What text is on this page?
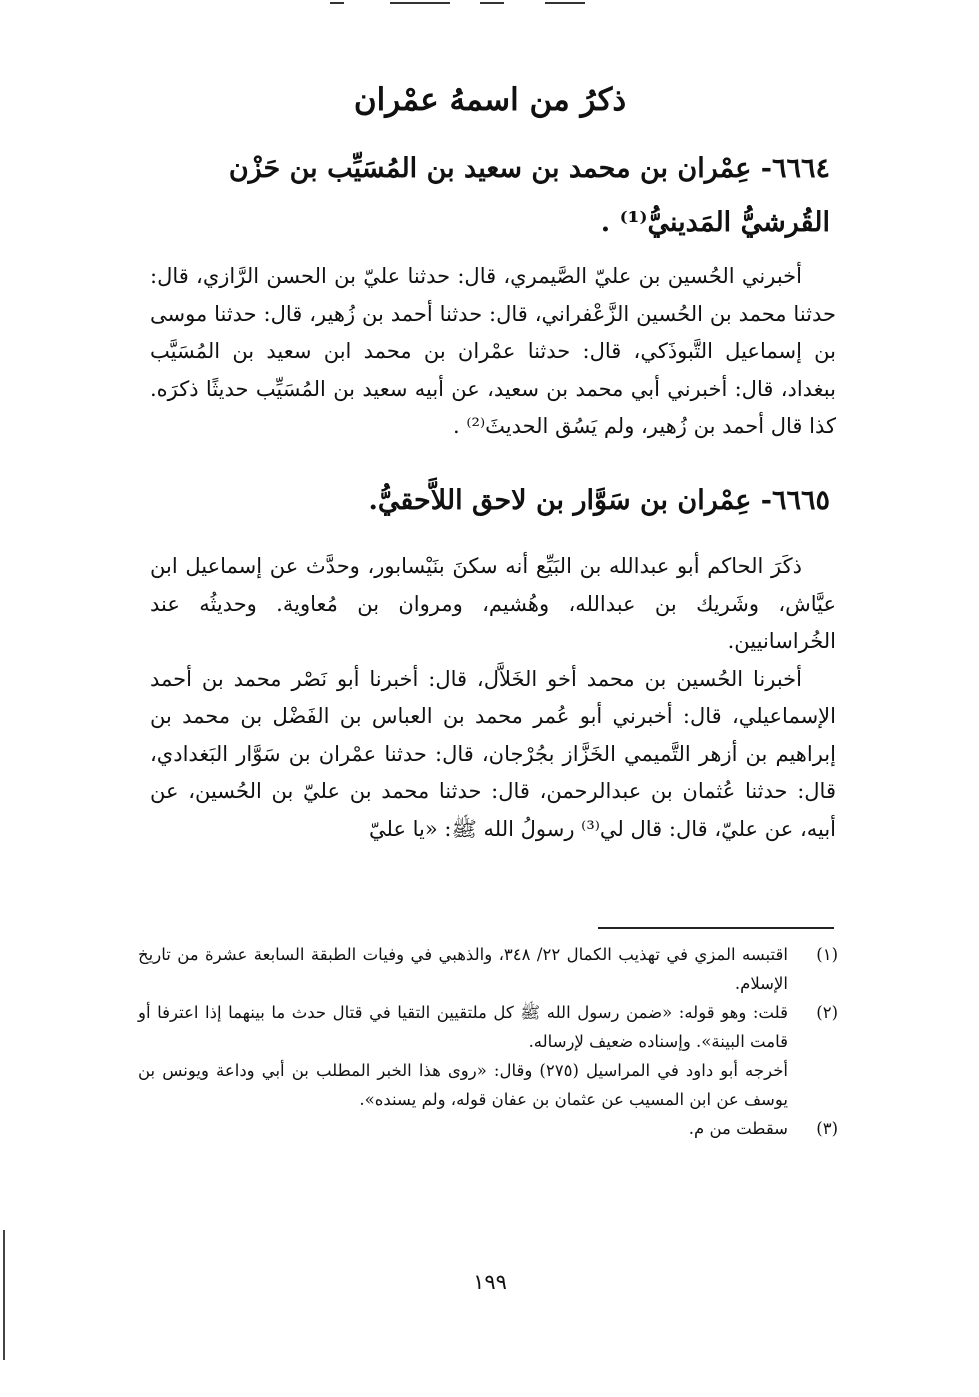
ذكرُ من اسمهُ عمْران
٦٦٦٤- عِمْران بن محمد بن سعيد بن المُسَيِّب بن حَزْن القُرشيُّ المَدينيُّ⁽¹⁾ .

أخبرني الحُسين بن عليّ الصَّيمري، قال: حدثنا عليّ بن الحسن الرَّازي، قال: حدثنا محمد بن الحُسين الزَّعْفراني، قال: حدثنا أحمد بن زُهير، قال: حدثنا موسى بن إسماعيل التَّبوذَكي، قال: حدثنا عمْران بن محمد ابن سعيد بن المُسَيَّب ببغداد، قال: أخبرني أبي محمد بن سعيد، عن أبيه سعيد بن المُسَيِّب حديثًا ذكرَه. كذا قال أحمد بن زُهير، ولم يَسُق الحديثَ⁽²⁾ .

٦٦٦٥- عِمْران بن سَوَّار بن لاحق اللاَّحقيُّ.

ذكَرَ الحاكم أبو عبدالله بن البَيِّع أنه سكنَ بنَيْسابور، وحدَّث عن إسماعيل ابن عيَّاش، وشَريك بن عبدالله، وهُشيم، ومروان بن مُعاوية. وحديثُه عند الخُراسانيين.

أخبرنا الحُسين بن محمد أخو الخَلاَّل، قال: أخبرنا أبو نَصْر محمد بن أحمد الإسماعيلي، قال: أخبرني أبو عُمر محمد بن العباس بن الفَضْل بن محمد بن إبراهيم بن أزهر التَّميمي الخَزَّاز بجُرْجان، قال: حدثنا عمْران بن سَوَّار البَغدادي، قال: حدثنا عُثمان بن عبدالرحمن، قال: حدثنا محمد بن عليّ بن الحُسين، عن أبيه، عن عليّ، قال: قال لي⁽³⁾ رسولُ الله ﷺ: «يا عليّ

(١)
اقتبسه المزي في تهذيب الكمال ٢٢/ ٣٤٨، والذهبي في وفيات الطبقة السابعة عشرة من تاريخ الإسلام.
(٢)
قلت: وهو قوله: «ضمن رسول الله ﷺ كل ملتقيين التقيا في قتال حدث ما بينهما إذا اعترفا أو قامت البينة». وإسناده ضعيف لإرساله.

أخرجه أبو داود في المراسيل (٢٧٥) وقال: «روى هذا الخبر المطلب بن أبي وداعة ويونس بن يوسف عن ابن المسيب عن عثمان بن عفان قوله، ولم يسنده».

(٣)
سقطت من م.
١٩٩
